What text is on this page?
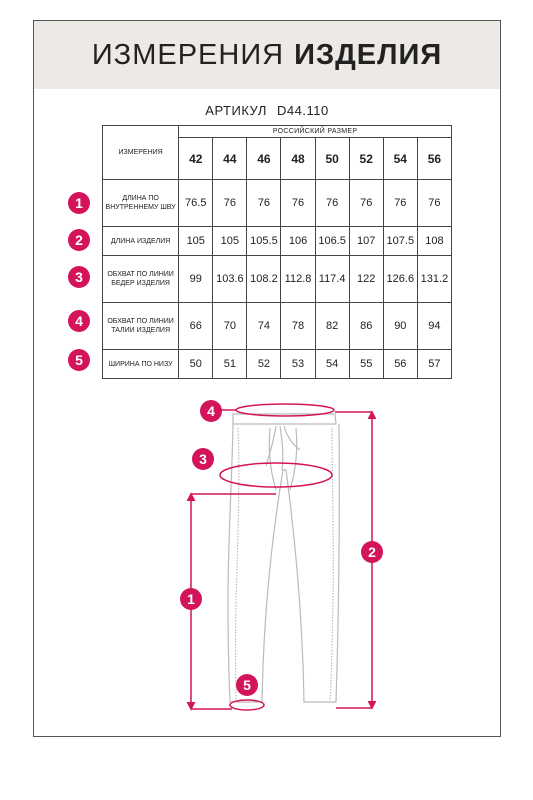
ИЗМЕРЕНИЯ ИЗДЕЛИЯ
АРТИКУЛ D44.110
ИЗМЕРЕНИЯ	РОССИЙСКИЙ РАЗМЕР							
	42	44	46	48	50	52	54	56
ДЛИНА ПО ВНУТРЕННЕМУ ШВУ	76.5	76	76	76	76	76	76	76
ДЛИНА ИЗДЕЛИЯ	105	105	105.5	106	106.5	107	107.5	108
ОБХВАТ ПО ЛИНИИ БЕДЕР ИЗДЕЛИЯ	99	103.6	108.2	112.8	117.4	122	126.6	131.2
ОБХВАТ ПО ЛИНИИ ТАЛИИ ИЗДЕЛИЯ	66	70	74	78	82	86	90	94
ШИРИНА ПО НИЗУ	50	51	52	53	54	55	56	57
1
2
3
4
5
4
3
2
1
5
